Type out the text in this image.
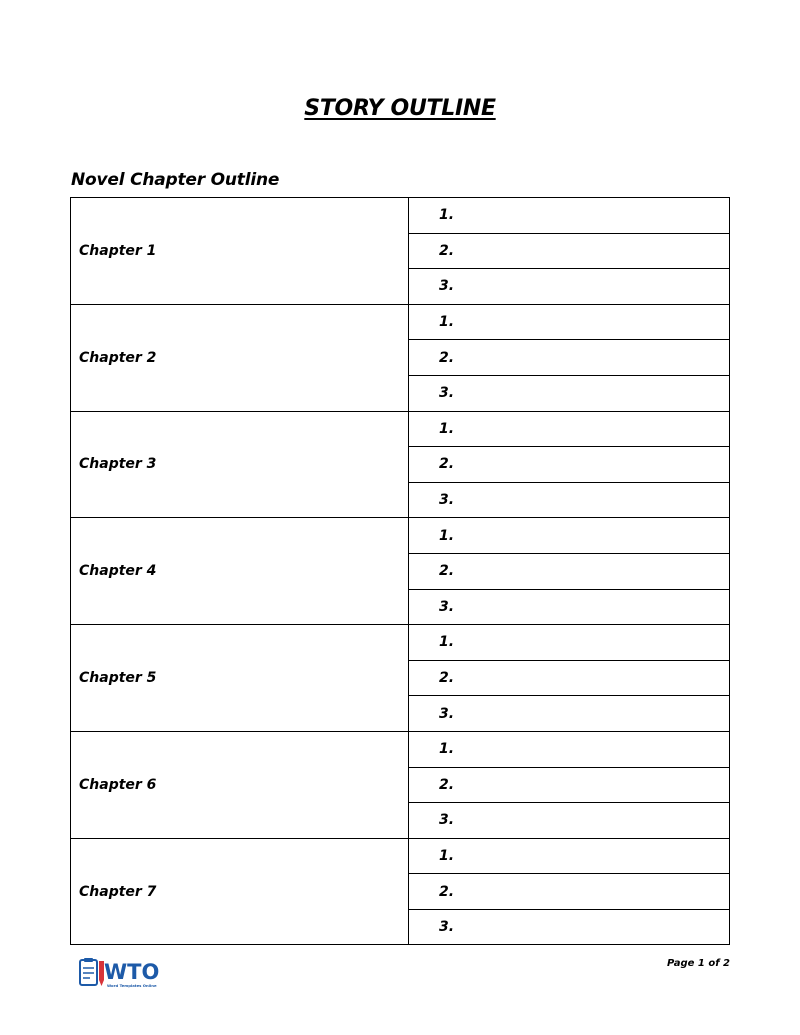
STORY OUTLINE
Novel Chapter Outline
Chapter 1	1.
	2.
	3.
Chapter 2	1.
	2.
	3.
Chapter 3	1.
	2.
	3.
Chapter 4	1.
	2.
	3.
Chapter 5	1.
	2.
	3.
Chapter 6	1.
	2.
	3.
Chapter 7	1.
	2.
	3.
WTO
Word Templates Online
Page 1 of 2
